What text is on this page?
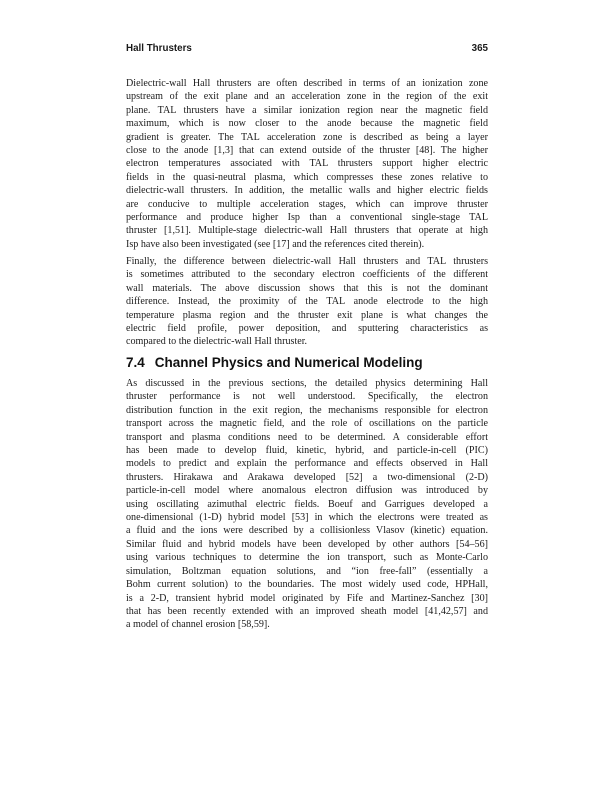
Hall Thrusters	365
Dielectric-wall Hall thrusters are often described in terms of an ionization zone
upstream of the exit plane and an acceleration zone in the region of the exit
plane. TAL thrusters have a similar ionization region near the magnetic field
maximum, which is now closer to the anode because the magnetic field
gradient is greater. The TAL acceleration zone is described as being a layer
close to the anode [1,3] that can extend outside of the thruster [48]. The higher
electron temperatures associated with TAL thrusters support higher electric
fields in the quasi-neutral plasma, which compresses these zones relative to
dielectric-wall thrusters. In addition, the metallic walls and higher electric fields
are conducive to multiple acceleration stages, which can improve thruster
performance and produce higher Isp than a conventional single-stage TAL
thruster [1,51]. Multiple-stage dielectric-wall Hall thrusters that operate at high
Isp have also been investigated (see [17] and the references cited therein).
Finally, the difference between dielectric-wall Hall thrusters and TAL thrusters
is sometimes attributed to the secondary electron coefficients of the different
wall materials. The above discussion shows that this is not the dominant
difference. Instead, the proximity of the TAL anode electrode to the high
temperature plasma region and the thruster exit plane is what changes the
electric field profile, power deposition, and sputtering characteristics as
compared to the dielectric-wall Hall thruster.
7.4 Channel Physics and Numerical Modeling
As discussed in the previous sections, the detailed physics determining Hall
thruster performance is not well understood. Specifically, the electron
distribution function in the exit region, the mechanisms responsible for electron
transport across the magnetic field, and the role of oscillations on the particle
transport and plasma conditions need to be determined. A considerable effort
has been made to develop fluid, kinetic, hybrid, and particle-in-cell (PIC)
models to predict and explain the performance and effects observed in Hall
thrusters. Hirakawa and Arakawa developed [52] a two-dimensional (2-D)
particle-in-cell model where anomalous electron diffusion was introduced by
using oscillating azimuthal electric fields. Boeuf and Garrigues developed a
one-dimensional (1-D) hybrid model [53] in which the electrons were treated as
a fluid and the ions were described by a collisionless Vlasov (kinetic) equation.
Similar fluid and hybrid models have been developed by other authors [54–56]
using various techniques to determine the ion transport, such as Monte-Carlo
simulation, Boltzman equation solutions, and “ion free-fall” (essentially a
Bohm current solution) to the boundaries. The most widely used code, HPHall,
is a 2-D, transient hybrid model originated by Fife and Martinez-Sanchez [30]
that has been recently extended with an improved sheath model [41,42,57] and
a model of channel erosion [58,59].
